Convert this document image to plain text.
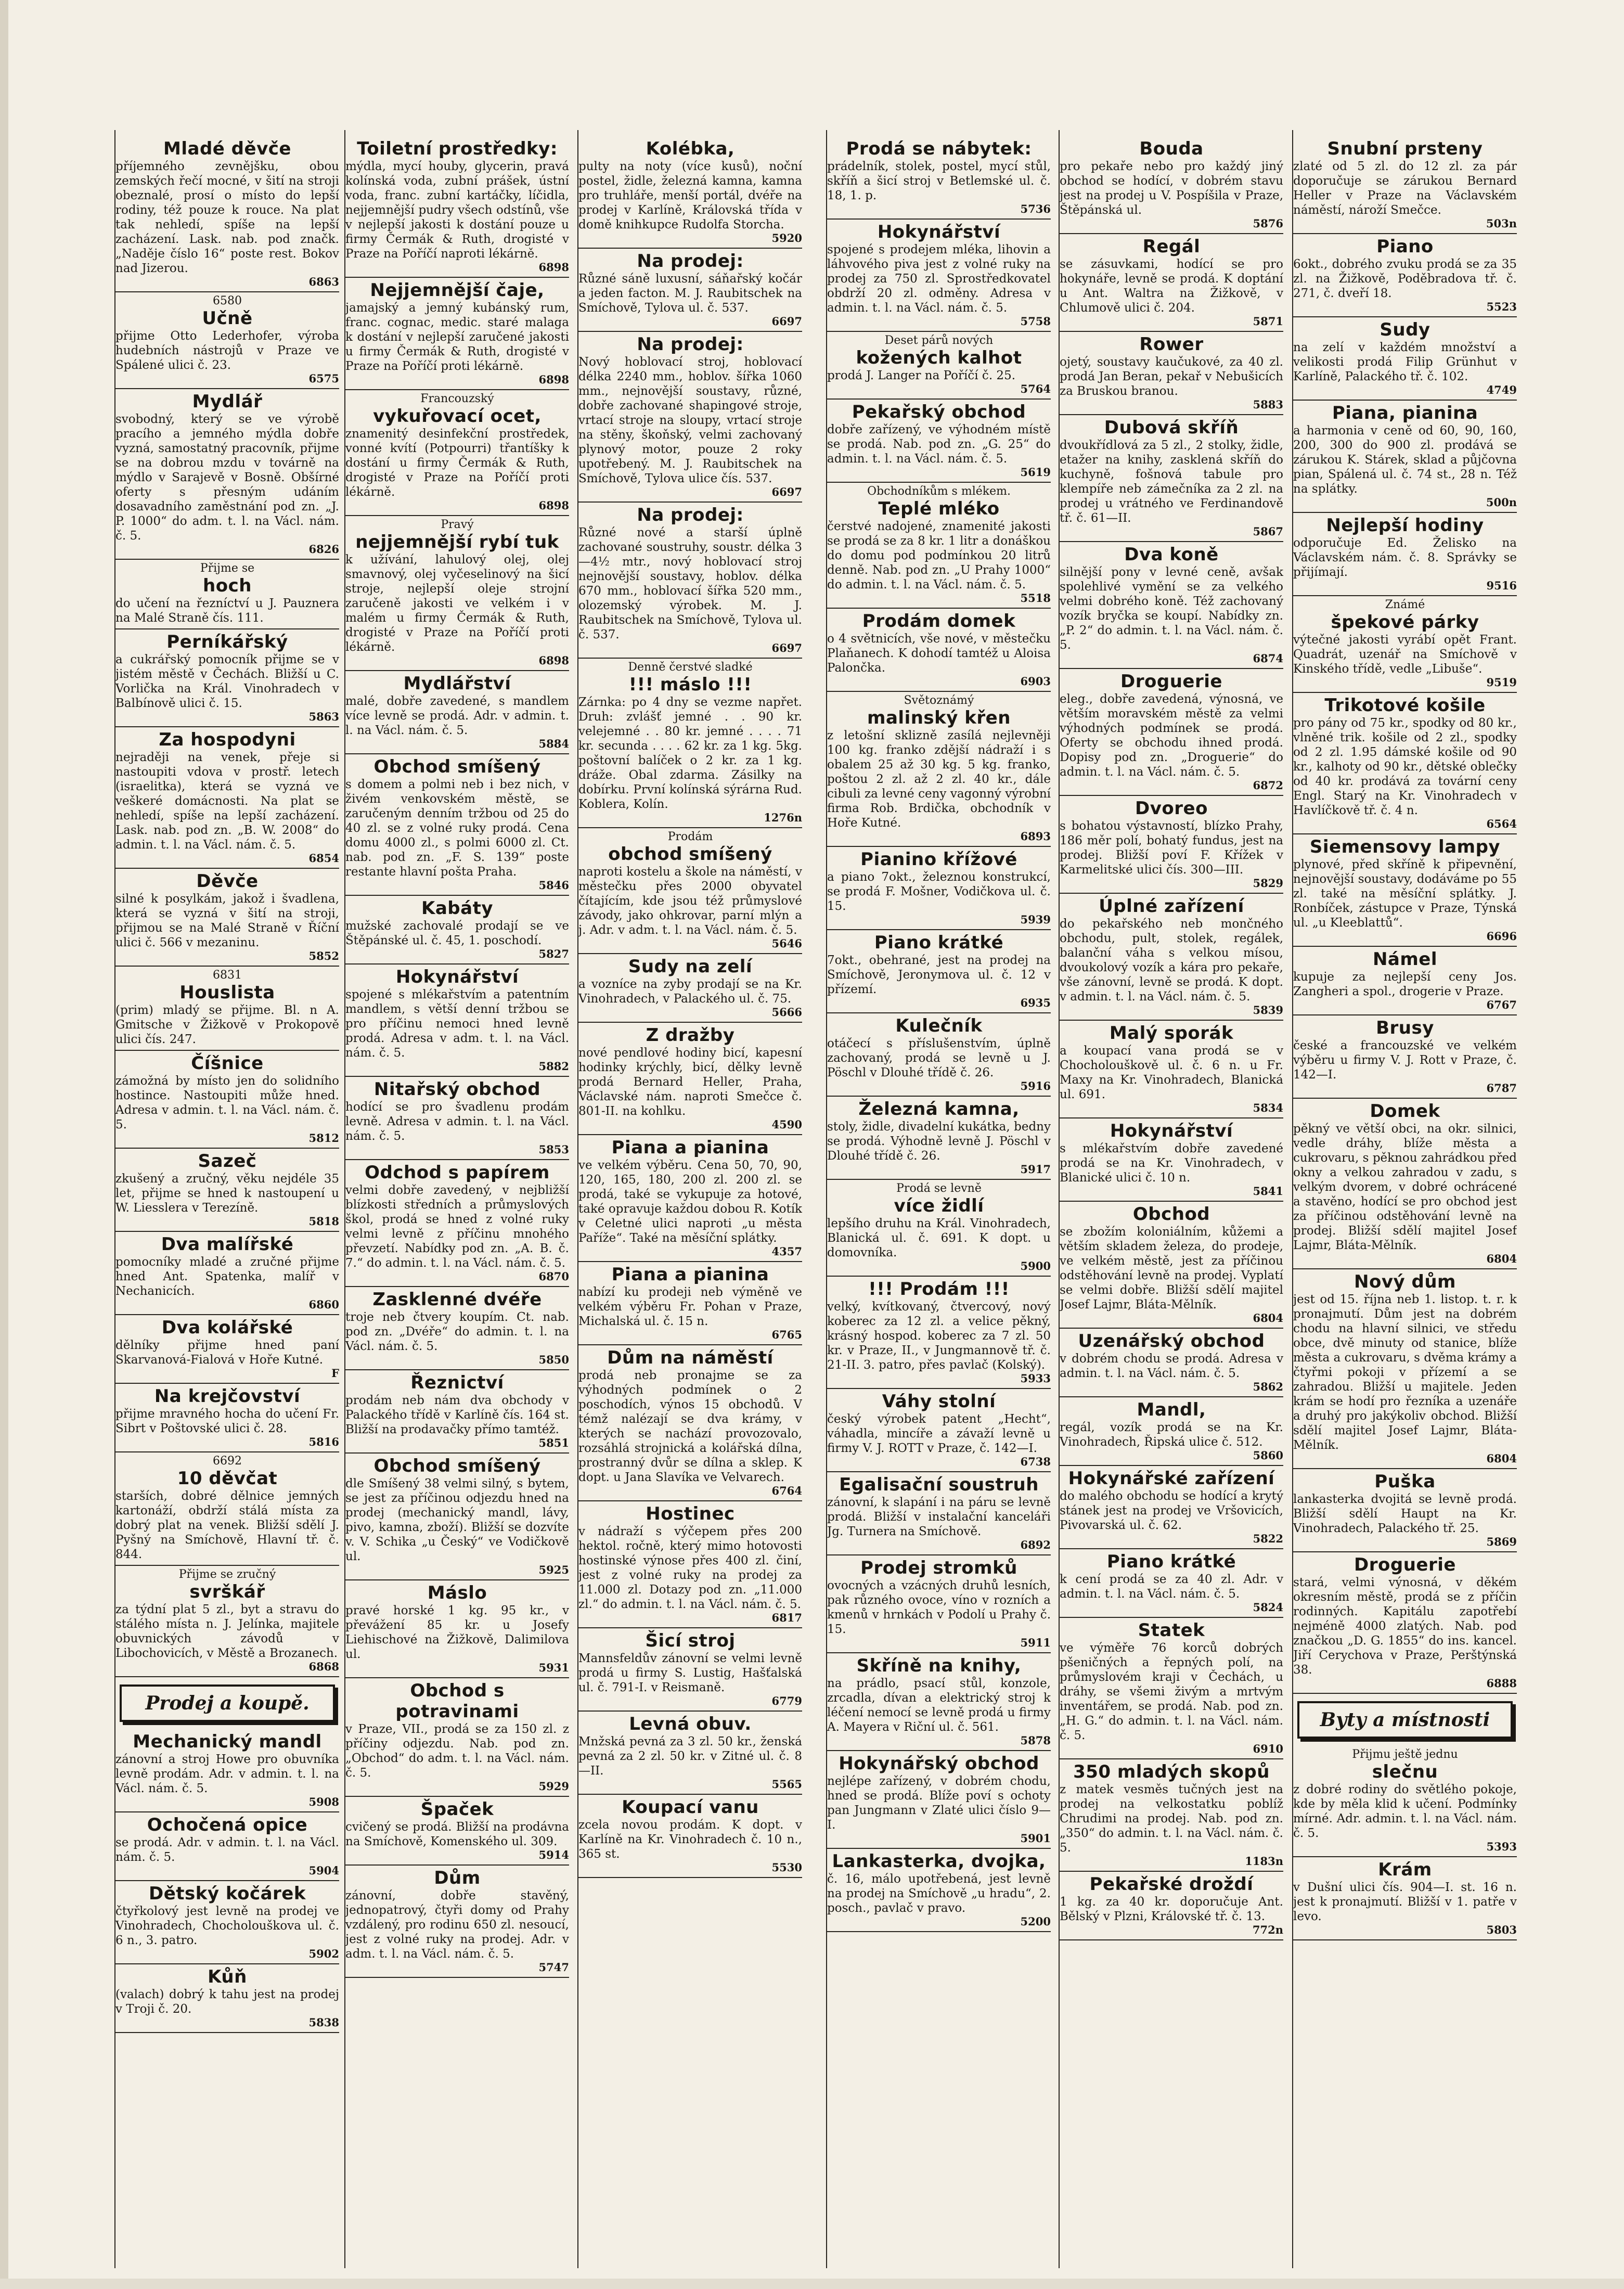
Mladé děvče
příjemného zevnějšku, obou zemských řečí mocné, v šití na stroji obeznalé, prosí o místo do lepší rodiny, též pouze k rouce. Na plat tak nehledí, spíše na lepší zacházení. Lask. nab. pod značk. „Naděje číslo 16“ poste rest. Bokov nad Jizerou.
6863
6580
Učně
přijme Otto Lederhofer, výroba hudebních nástrojů v Praze ve Spálené ulici č. 23.
6575
Mydlář
svobodný, který se ve výrobě pracího a jemného mýdla dobře vyzná, samostatný pracovník, přijme se na dobrou mzdu v továrně na mýdlo v Sarajevě v Bosně. Obšírné oferty s přesným udáním dosavadního zaměstnání pod zn. „J. P. 1000“ do adm. t. l. na Václ. nám. č. 5.
6826
Přijme se
hoch
do učení na řezníctví u J. Pauznera na Malé Straně čís. 111.
Perníkářský
a cukrářský pomocník přijme se v jistém městě v Čechách. Bližší u C. Vorlička na Král. Vinohradech v Balbínově ulici č. 15.
5863
Za hospodyni
nejraději na venek, přeje si nastoupiti vdova v prostř. letech (israelitka), která se vyzná ve veškeré domácnosti. Na plat se nehledí, spíše na lepší zacházení. Lask. nab. pod zn. „B. W. 2008“ do admin. t. l. na Václ. nám. č. 5.
6854
Děvče
silné k posylkám, jakož i švadlena, která se vyzná v šití na stroji, přijmou se na Malé Straně v Říční ulici č. 566 v mezaninu.
5852
6831
Houslista
(prim) mladý se přijme. Bl. n A. Gmitsche v Žižkově v Prokopově ulici čís. 247.
Číšnice
zámožná by místo jen do solidního hostince. Nastoupiti může hned. Adresa v admin. t. l. na Václ. nám. č. 5.
5812
Sazeč
zkušený a zručný, věku nejdéle 35 let, přijme se hned k nastoupení u W. Liesslera v Terezíně.
5818
Dva malířské
pomocníky mladé a zručné přijme hned Ant. Spatenka, malíř v Nechanicích.
6860
Dva kolářské
dělníky přijme hned paní Skarvanová-Fialová v Hoře Kutné.
F
Na krejčovství
přijme mravného hocha do učení Fr. Sibrt v Poštovské ulici č. 28.
5816
6692
10 děvčat
starších, dobré dělnice jemných kartonáží, obdrží stálá místa za dobrý plat na venek. Bližší sdělí J. Pyšný na Smíchově, Hlavní tř. č. 844.
Přijme se zručný
svrškář
za týdní plat 5 zl., byt a stravu do stálého místa n. J. Jelínka, majitele obuvnických závodů v Libochovicích, v Městě a Brozanech.
6868
Prodej a koupě.
Mechanický mandl
zánovní a stroj Howe pro obuvníka levně prodám. Adr. v admin. t. l. na Václ. nám. č. 5.
5908
Ochočená opice
se prodá. Adr. v admin. t. l. na Václ. nám. č. 5.
5904
Dětský kočárek
čtyřkolový jest levně na prodej ve Vinohradech, Chocholouškova ul. č. 6 n., 3. patro.
5902
Kůň
(valach) dobrý k tahu jest na prodej v Troji č. 20.
5838
Toiletní prostředky:
mýdla, mycí houby, glycerin, pravá kolínská voda, zubní prášek, ústní voda, franc. zubní kartáčky, líčidla, nejjemnější pudry všech odstínů, vše v nejlepší jakosti k dostání pouze u firmy Čermák & Ruth, drogisté v Praze na Poříčí naproti lékárně.
6898
Nejjemnější čaje,
jamajský a jemný kubánský rum, franc. cognac, medic. staré malaga k dostání v nejlepší zaručené jakosti u firmy Čermák & Ruth, drogisté v Praze na Poříčí proti lékárně.
6898
Francouzský
vykuřovací ocet,
znamenitý desinfekční prostředek, vonné kvítí (Potpourri) třantíšky k dostání u firmy Čermák & Ruth, drogisté v Praze na Poříčí proti lékárně.
6898
Pravý
nejjemnější rybí tuk
k užívání, lahulový olej, olej smavnový, olej vyčeselinový na šicí stroje, nejlepší oleje strojní zaručeně jakosti ve velkém i v malém u firmy Čermák & Ruth, drogisté v Praze na Poříčí proti lékárně.
6898
Mydlářství
malé, dobře zavedené, s mandlem více levně se prodá. Adr. v admin. t. l. na Václ. nám. č. 5.
5884
Obchod smíšený
s domem a polmi neb i bez nich, v živém venkovském městě, se zaručeným denním tržbou od 25 do 40 zl. se z volné ruky prodá. Cena domu 4000 zl., s polmi 6000 zl. Ct. nab. pod zn. „F. S. 139“ poste restante hlavní pošta Praha.
5846
Kabáty
mužské zachovalé prodají se ve Štěpánské ul. č. 45, 1. poschodí.
5827
Hokynářství
spojené s mlékařstvím a patentním mandlem, s větší denní tržbou se pro příčinu nemoci hned levně prodá. Adresa v adm. t. l. na Václ. nám. č. 5.
5882
Nitařský obchod
hodící se pro švadlenu prodám levně. Adresa v admin. t. l. na Václ. nám. č. 5.
5853
Odchod s papírem
velmi dobře zavedený, v nejbližší blízkosti středních a průmyslových škol, prodá se hned z volné ruky velmi levně z příčinu mnohého převzetí. Nabídky pod zn. „A. B. č. 7.“ do admin. t. l. na Václ. nám. č. 5.
6870
Zasklenné dvéře
troje neb čtvery koupím. Ct. nab. pod zn. „Dvéře“ do admin. t. l. na Václ. nám. č. 5.
5850
Řeznictví
prodám neb nám dva obchody v Palackého třídě v Karlíně čís. 164 st. Bližší na prodavačky přímo tamtéž.
5851
Obchod smíšený
dle Smíšený 38 velmi silný, s bytem, se jest za příčinou odjezdu hned na prodej (mechanický mandl, lávy, pivo, kamna, zboží). Bližší se dozvíte v. V. Schika „u Český“ ve Vodičkově ul.
5925
Máslo
pravé horské 1 kg. 95 kr., v převážení 85 kr. u Josefy Liehischové na Žižkově, Dalimilova ul.
5931
Obchod s potravinami
v Praze, VII., prodá se za 150 zl. z příčiny odjezdu. Nab. pod zn. „Obchod“ do adm. t. l. na Václ. nám. č. 5.
5929
Špaček
cvičený se prodá. Bližší na prodávna na Smíchově, Komenského ul. 309.
5914
Dům
zánovní, dobře stavěný, jednopatrový, čtyři domy od Prahy vzdálený, pro rodinu 650 zl. nesoucí, jest z volné ruky na prodej. Adr. v adm. t. l. na Václ. nám. č. 5.
5747
Kolébka,
pulty na noty (více kusů), noční postel, židle, železná kamna, kamna pro truhláře, menší portál, dvéře na prodej v Karlíně, Královská třída v domě knihkupce Rudolfa Storcha.
5920
Na prodej:
Různé sáně luxusní, sáňařský kočár a jeden facton. M. J. Raubitschek na Smíchově, Tylova ul. č. 537.
6697
Na prodej:
Nový hoblovací stroj, hoblovací délka 2240 mm., hoblov. šířka 1060 mm., nejnovější soustavy, různé, dobře zachované shapingové stroje, vrtací stroje na sloupy, vrtací stroje na stěny, škoňský, velmi zachovaný plynový motor, pouze 2 roky upotřebený. M. J. Raubitschek na Smíchově, Tylova ulice čís. 537.
6697
Na prodej:
Různé nové a starší úplně zachované soustruhy, soustr. délka 3—4½ mtr., nový hoblovací stroj nejnovější soustavy, hoblov. délka 670 mm., hoblovací šířka 520 mm., olozemský výrobek. M. J. Raubitschek na Smíchově, Tylova ul. č. 537.
6697
Denně čerstvé sladké
!!! máslo !!!
Zárnka: po 4 dny se vezme napřet. Druh: zvlášť jemné . . 90 kr. velejemné . . 80 kr. jemné . . . . 71 kr. secunda . . . . 62 kr. za 1 kg. 5kg. poštovní balíček o 2 kr. za 1 kg. dráže. Obal zdarma. Zásilky na dobírku. První kolínská sýrárna Rud. Koblera, Kolín.
1276n
Prodám
obchod smíšený
naproti kostelu a škole na náměstí, v městečku přes 2000 obyvatel čítajícím, kde jsou též průmyslové závody, jako ohkrovar, parní mlýn a j. Adr. v adm. t. l. na Václ. nám. č. 5.
5646
Sudy na zelí
a vozníce na zyby prodají se na Kr. Vinohradech, v Palackého ul. č. 75.
5666
Z dražby
nové pendlové hodiny bicí, kapesní hodinky krýchly, bicí, dělky levně prodá Bernard Heller, Praha, Václavské nám. naproti Smečce č. 801-II. na kohlku.
4590
Piana a pianina
ve velkém výběru. Cena 50, 70, 90, 120, 165, 180, 200 zl. 200 zl. se prodá, také se vykupuje za hotové, také opravuje každou dobou R. Kotík v Celetné ulici naproti „u města Paříže“. Také na měsíční splátky.
4357
Piana a pianina
nabízí ku prodeji neb výměně ve velkém výběru Fr. Pohan v Praze, Michalská ul. č. 15 n.
6765
Dům na náměstí
prodá neb pronajme se za výhodných podmínek o 2 poschodích, výnos 15 obchodů. V témž nalézají se dva krámy, v kterých se nachází provozovalo, rozsáhlá strojnická a kolářská dílna, prostranný dvůr se dílna a sklep. K dopt. u Jana Slavíka ve Velvarech.
6764
Hostinec
v nádraží s výčepem přes 200 hektol. ročně, který mimo hotovosti hostinské výnose přes 400 zl. činí, jest z volné ruky na prodej za 11.000 zl. Dotazy pod zn. „11.000 zl.“ do admin. t. l. na Václ. nám. č. 5.
6817
Šicí stroj
Mannsfeldův zánovní se velmi levně prodá u firmy S. Lustig, Hašťalská ul. č. 791-I. v Reismaně.
6779
Levná obuv.
Mnžská pevná za 3 zl. 50 kr., ženská pevná za 2 zl. 50 kr. v Zitné ul. č. 8—II.
5565
Koupací vanu
zcela novou prodám. K dopt. v Karlíně na Kr. Vinohradech č. 10 n., 365 st.
5530
Prodá se nábytek:
prádelník, stolek, postel, mycí stůl, skříň a šicí stroj v Betlemské ul. č. 18, 1. p.
5736
Hokynářství
spojené s prodejem mléka, lihovin a láhvového piva jest z volné ruky na prodej za 750 zl. Sprostředkovatel obdrží 20 zl. odměny. Adresa v admin. t. l. na Václ. nám. č. 5.
5758
Deset párů nových
kožených kalhot
prodá J. Langer na Poříčí č. 25.
5764
Pekařský obchod
dobře zařízený, ve výhodném místě se prodá. Nab. pod zn. „G. 25“ do admin. t. l. na Václ. nám. č. 5.
5619
Obchodníkům s mlékem.
Teplé mléko
čerstvé nadojené, znamenité jakosti se prodá se za 8 kr. 1 litr a donáškou do domu pod podmínkou 20 litrů denně. Nab. pod zn. „U Prahy 1000“ do admin. t. l. na Václ. nám. č. 5.
5518
Prodám domek
o 4 světnicích, vše nové, v městečku Plaňanech. K dohodí tamtéž u Aloisa Palončka.
6903
Světoznámý
malinský křen
z letošní sklizně zasílá nejlevněji 100 kg. franko zdější nádraží i s obalem 25 až 30 kg. 5 kg. franko, poštou 2 zl. až 2 zl. 40 kr., dále cibuli za levné ceny vagonný výrobní firma Rob. Brdička, obchodník v Hoře Kutné.
6893
Pianino křížové
a piano 7okt., železnou konstrukcí, se prodá F. Mošner, Vodičkova ul. č. 15.
5939
Piano krátké
7okt., obehrané, jest na prodej na Smíchově, Jeronymova ul. č. 12 v přízemí.
6935
Kulečník
otáčecí s příslušenstvím, úplně zachovaný, prodá se levně u J. Pöschl v Dlouhé třídě č. 26.
5916
Železná kamna,
stoly, židle, divadelní kukátka, bedny se prodá. Výhodně levně J. Pöschl v Dlouhé třídě č. 26.
5917
Prodá se levně
více židlí
lepšího druhu na Král. Vinohradech, Blanická ul. č. 691. K dopt. u domovníka.
5900
!!! Prodám !!!
velký, kvítkovaný, čtvercový, nový koberec za 12 zl. a velice pěkný, krásný hospod. koberec za 7 zl. 50 kr. v Praze, II., v Jungmannově tř. č. 21-II. 3. patro, přes pavlač (Kolský).
5933
Váhy stolní
český výrobek patent „Hecht“, váhadla, mincíře a závaží levně u firmy V. J. ROTT v Praze, č. 142—I.
6738
Egalisační soustruh
zánovní, k slapání i na páru se levně prodá. Bližší v instalační kanceláři Jg. Turnera na Smíchově.
6892
Prodej stromků
ovocných a vzácných druhů lesních, pak různého ovoce, víno v rozních a kmenů v hrnkách v Podolí u Prahy č. 15.
5911
Skříně na knihy,
na prádlo, psací stůl, konzole, zrcadla, dívan a elektrický stroj k léčení nemocí se levně prodá u firmy A. Mayera v Riční ul. č. 561.
5878
Hokynářský obchod
nejlépe zařízený, v dobrém chodu, hned se prodá. Blíže poví s ochoty pan Jungmann v Zlaté ulici číslo 9—I.
5901
Lankasterka, dvojka,
č. 16, málo upotřebená, jest levně na prodej na Smíchově „u hradu“, 2. posch., pavlač v pravo.
5200
Bouda
pro pekaře nebo pro každý jiný obchod se hodící, v dobrém stavu jest na prodej u V. Pospíšila v Praze, Štěpánská ul.
5876
Regál
se zásuvkami, hodící se pro hokynáře, levně se prodá. K doptání u Ant. Waltra na Žižkově, v Chlumově ulici č. 204.
5871
Rower
ojetý, soustavy kaučukové, za 40 zl. prodá Jan Beran, pekař v Nebušicích za Bruskou branou.
5883
Dubová skříň
dvoukřídlová za 5 zl., 2 stolky, židle, etažer na knihy, zasklená skříň do kuchyně, fošnová tabule pro klempíře neb zámečníka za 2 zl. na prodej u vrátného ve Ferdinandově tř. č. 61—II.
5867
Dva koně
silnější pony v levné ceně, avšak spolehlivé vymění se za velkého velmi dobrého koně. Též zachovaný vozík bryčka se koupí. Nabídky zn. „P. 2“ do admin. t. l. na Václ. nám. č. 5.
6874
Droguerie
eleg., dobře zavedená, výnosná, ve větším moravském městě za velmi výhodných podmínek se prodá. Oferty se obchodu ihned prodá. Dopisy pod zn. „Droguerie“ do admin. t. l. na Václ. nám. č. 5.
6872
Dvoreo
s bohatou výstavností, blízko Prahy, 186 měr polí, bohatý fundus, jest na prodej. Bližší poví F. Křížek v Karmelitské ulici čís. 300—III.
5829
Úplné zařízení
do pekařského neb mončného obchodu, pult, stolek, regálek, balanční váha s velkou mísou, dvoukolový vozík a kára pro pekaře, vše zánovní, levně se prodá. K dopt. v admin. t. l. na Václ. nám. č. 5.
5839
Malý sporák
a koupací vana prodá se v Chocholouškově ul. č. 6 n. u Fr. Maxy na Kr. Vinohradech, Blanická ul. 691.
5834
Hokynářství
s mlékařstvím dobře zavedené prodá se na Kr. Vinohradech, v Blanické ulici č. 10 n.
5841
Obchod
se zbožím koloniálním, kůžemi a větším skladem železa, do prodeje, ve velkém městě, jest za příčinou odstěhování levně na prodej. Vyplatí se velmi dobře. Bližší sdělí majitel Josef Lajmr, Bláta-Mělník.
6804
Uzenářský obchod
v dobrém chodu se prodá. Adresa v admin. t. l. na Václ. nám. č. 5.
5862
Mandl,
regál, vozík prodá se na Kr. Vinohradech, Řipská ulice č. 512.
5860
Hokynářské zařízení
do malého obchodu se hodící a krytý stánek jest na prodej ve Vršovicích, Pivovarská ul. č. 62.
5822
Piano krátké
k cení prodá se za 40 zl. Adr. v admin. t. l. na Václ. nám. č. 5.
5824
Statek
ve výměře 76 korců dobrých pšeničných a řepných polí, na průmyslovém kraji v Čechách, u dráhy, se všemi živým a mrtvým inventářem, se prodá. Nab. pod zn. „H. G.“ do admin. t. l. na Václ. nám. č. 5.
6910
350 mladých skopů
z matek vesměs tučných jest na prodej na velkostatku poblíž Chrudimi na prodej. Nab. pod zn. „350“ do admin. t. l. na Václ. nám. č. 5.
1183n
Pekařské droždí
1 kg. za 40 kr. doporučuje Ant. Bělský v Plzni, Královské tř. č. 13.
772n
Snubní prsteny
zlaté od 5 zl. do 12 zl. za pár doporučuje se zárukou Bernard Heller v Praze na Václavském náměstí, nároží Smečce.
503n
Piano
6okt., dobrého zvuku prodá se za 35 zl. na Žižkově, Poděbradova tř. č. 271, č. dveří 18.
5523
Sudy
na zelí v každém množství a velikosti prodá Filip Grünhut v Karlíně, Palackého tř. č. 102.
4749
Piana, pianina
a harmonia v ceně od 60, 90, 160, 200, 300 do 900 zl. prodává se zárukou K. Stárek, sklad a půjčovna pian, Spálená ul. č. 74 st., 28 n. Též na splátky.
500n
Nejlepší hodiny
odporučuje Ed. Želisko na Václavském nám. č. 8. Správky se přijímají.
9516
Známé
špekové párky
výtečné jakosti vyrábí opět Frant. Quadrát, uzenář na Smíchově v Kinského třídě, vedle „Libuše“.
9519
Trikotové košile
pro pány od 75 kr., spodky od 80 kr., vlněné trik. košile od 2 zl., spodky od 2 zl. 1.95 dámské košile od 90 kr., kalhoty od 90 kr., dětské oblečky od 40 kr. prodává za tovární ceny Engl. Starý na Kr. Vinohradech v Havlíčkově tř. č. 4 n.
6564
Siemensovy lampy
plynové, před skříně k připevnění, nejnovější soustavy, dodáváme po 55 zl. také na měsíční splátky. J. Ronbíček, zástupce v Praze, Týnská ul. „u Kleeblattů“.
6696
Námel
kupuje za nejlepší ceny Jos. Zangheri a spol., drogerie v Praze.
6767
Brusy
české a francouzské ve velkém výběru u firmy V. J. Rott v Praze, č. 142—I.
6787
Domek
pěkný ve větší obci, na okr. silnici, vedle dráhy, blíže města a cukrovaru, s pěknou zahrádkou před okny a velkou zahradou v zadu, s velkým dvorem, v dobré ochrácené a stavěno, hodící se pro obchod jest za příčinou odstěhování levně na prodej. Bližší sdělí majitel Josef Lajmr, Bláta-Mělník.
6804
Nový dům
jest od 15. října neb 1. listop. t. r. k pronajmutí. Dům jest na dobrém chodu na hlavní silnici, ve středu obce, dvě minuty od stanice, blíže města a cukrovaru, s dvěma krámy a čtyřmi pokoji v přízemí a se zahradou. Bližší u majitele. Jeden krám se hodí pro řezníka a uzenáře a druhý pro jakýkoliv obchod. Bližší sdělí majitel Josef Lajmr, Bláta-Mělník.
6804
Puška
lankasterka dvojitá se levně prodá. Bližší sdělí Haupt na Kr. Vinohradech, Palackého tř. 25.
5869
Droguerie
stará, velmi výnosná, v děkém okresním městě, prodá se z příčin rodinných. Kapitálu zapotřebí nejméně 4000 zlatých. Nab. pod značkou „D. G. 1855“ do ins. kancel. Jiří Cerychova v Praze, Perštýnská 38.
6888
Byty a místnosti
Přijmu ještě jednu
slečnu
z dobré rodiny do světlého pokoje, kde by měla klid k učení. Podmínky mírné. Adr. admin. t. l. na Václ. nám. č. 5.
5393
Krám
v Dušní ulici čís. 904—I. st. 16 n. jest k pronajmutí. Bližší v 1. patře v levo.
5803
